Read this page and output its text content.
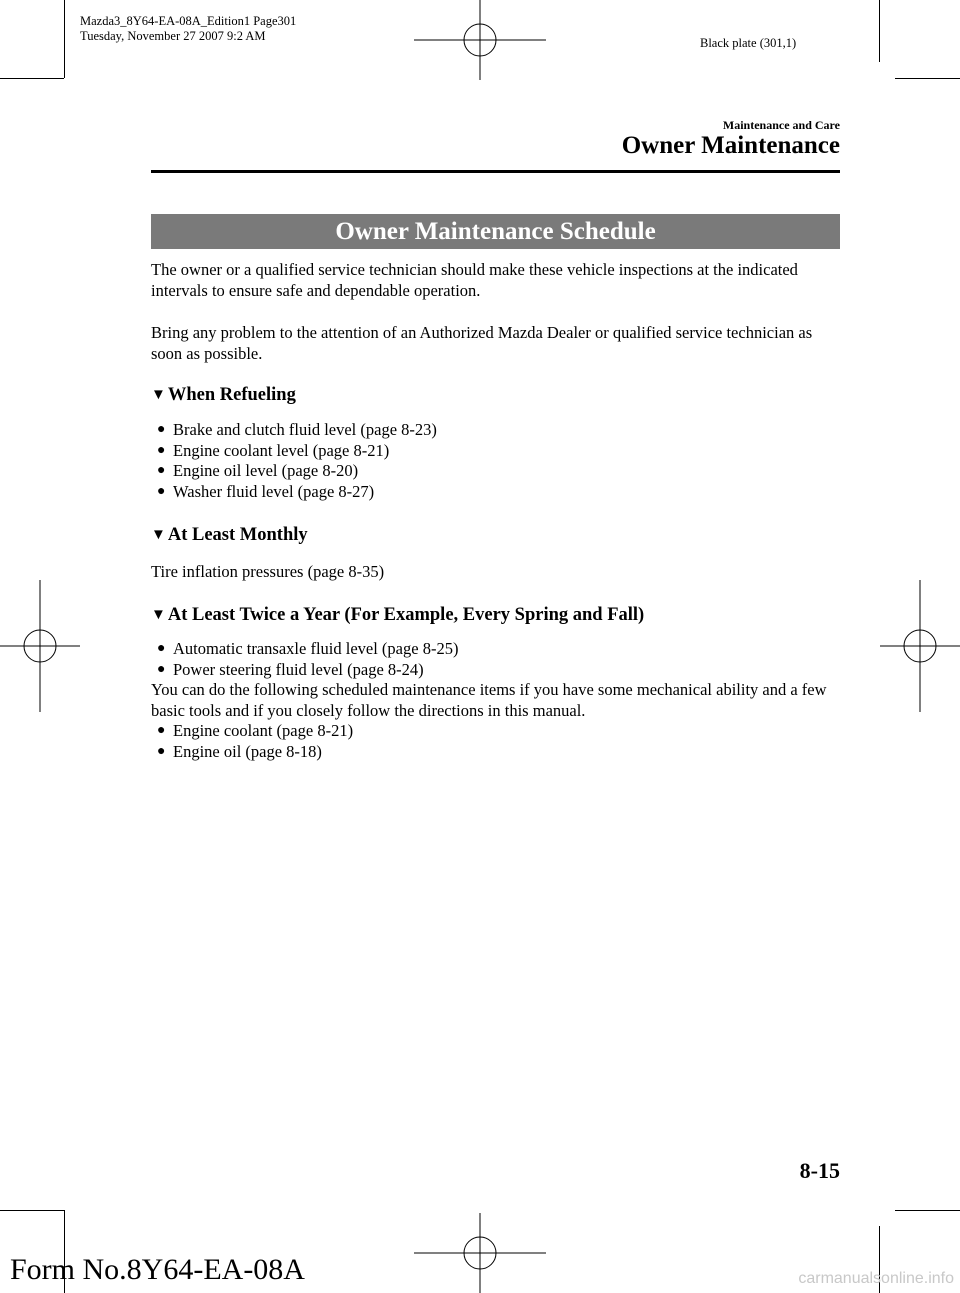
Mazda3_8Y64-EA-08A_Edition1 Page301
Tuesday, November 27 2007 9:2 AM	Black plate (301,1)
Maintenance and Care
Owner Maintenance
Owner Maintenance Schedule
The owner or a qualified service technician should make these vehicle inspections at the indicated intervals to ensure safe and dependable operation.
Bring any problem to the attention of an Authorized Mazda Dealer or qualified service technician as soon as possible.
▼ When Refueling
● Brake and clutch fluid level (page 8-23)
● Engine coolant level (page 8-21)
● Engine oil level (page 8-20)
● Washer fluid level (page 8-27)
▼ At Least Monthly
Tire inflation pressures (page 8-35)
▼ At Least Twice a Year (For Example, Every Spring and Fall)
● Automatic transaxle fluid level (page 8-25)
● Power steering fluid level (page 8-24)
You can do the following scheduled maintenance items if you have some mechanical ability and a few basic tools and if you closely follow the directions in this manual.
● Engine coolant (page 8-21)
● Engine oil (page 8-18)
8-15
Form No.8Y64-EA-08A	carmanualsonline.info
